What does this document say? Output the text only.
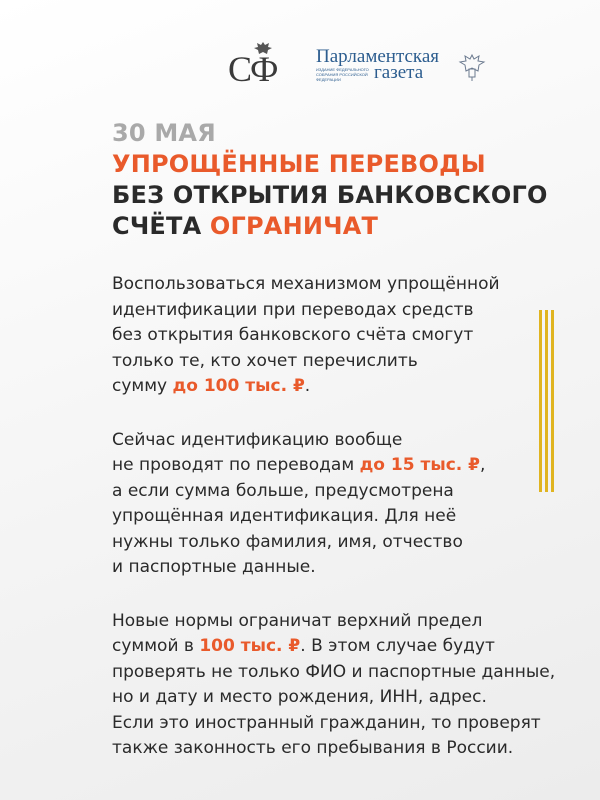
СФ Парламентская
ИЗДАНИЕ ФЕДЕРАЛЬНОГО СОБРАНИЯ РОССИЙСКОЙ ФЕДЕРАЦИИ	газета
30 МАЯ
УПРОЩЁННЫЕ ПЕРЕВОДЫ
БЕЗ ОТКРЫТИЯ БАНКОВСКОГО
СЧЁТА ОГРАНИЧАТ

Воспользоваться механизмом упрощённой
идентификации при переводах средств
без открытия банковского счёта смогут
только те, кто хочет перечислить
сумму до 100 тыс. ₽.

Сейчас идентификацию вообще
не проводят по переводам до 15 тыс. ₽,
а если сумма больше, предусмотрена
упрощённая идентификация. Для неё
нужны только фамилия, имя, отчество
и паспортные данные.

Новые нормы ограничат верхний предел
суммой в 100 тыс. ₽. В этом случае будут
проверять не только ФИО и паспортные данные,
но и дату и место рождения, ИНН, адрес.
Если это иностранный гражданин, то проверят
также законность его пребывания в России.
